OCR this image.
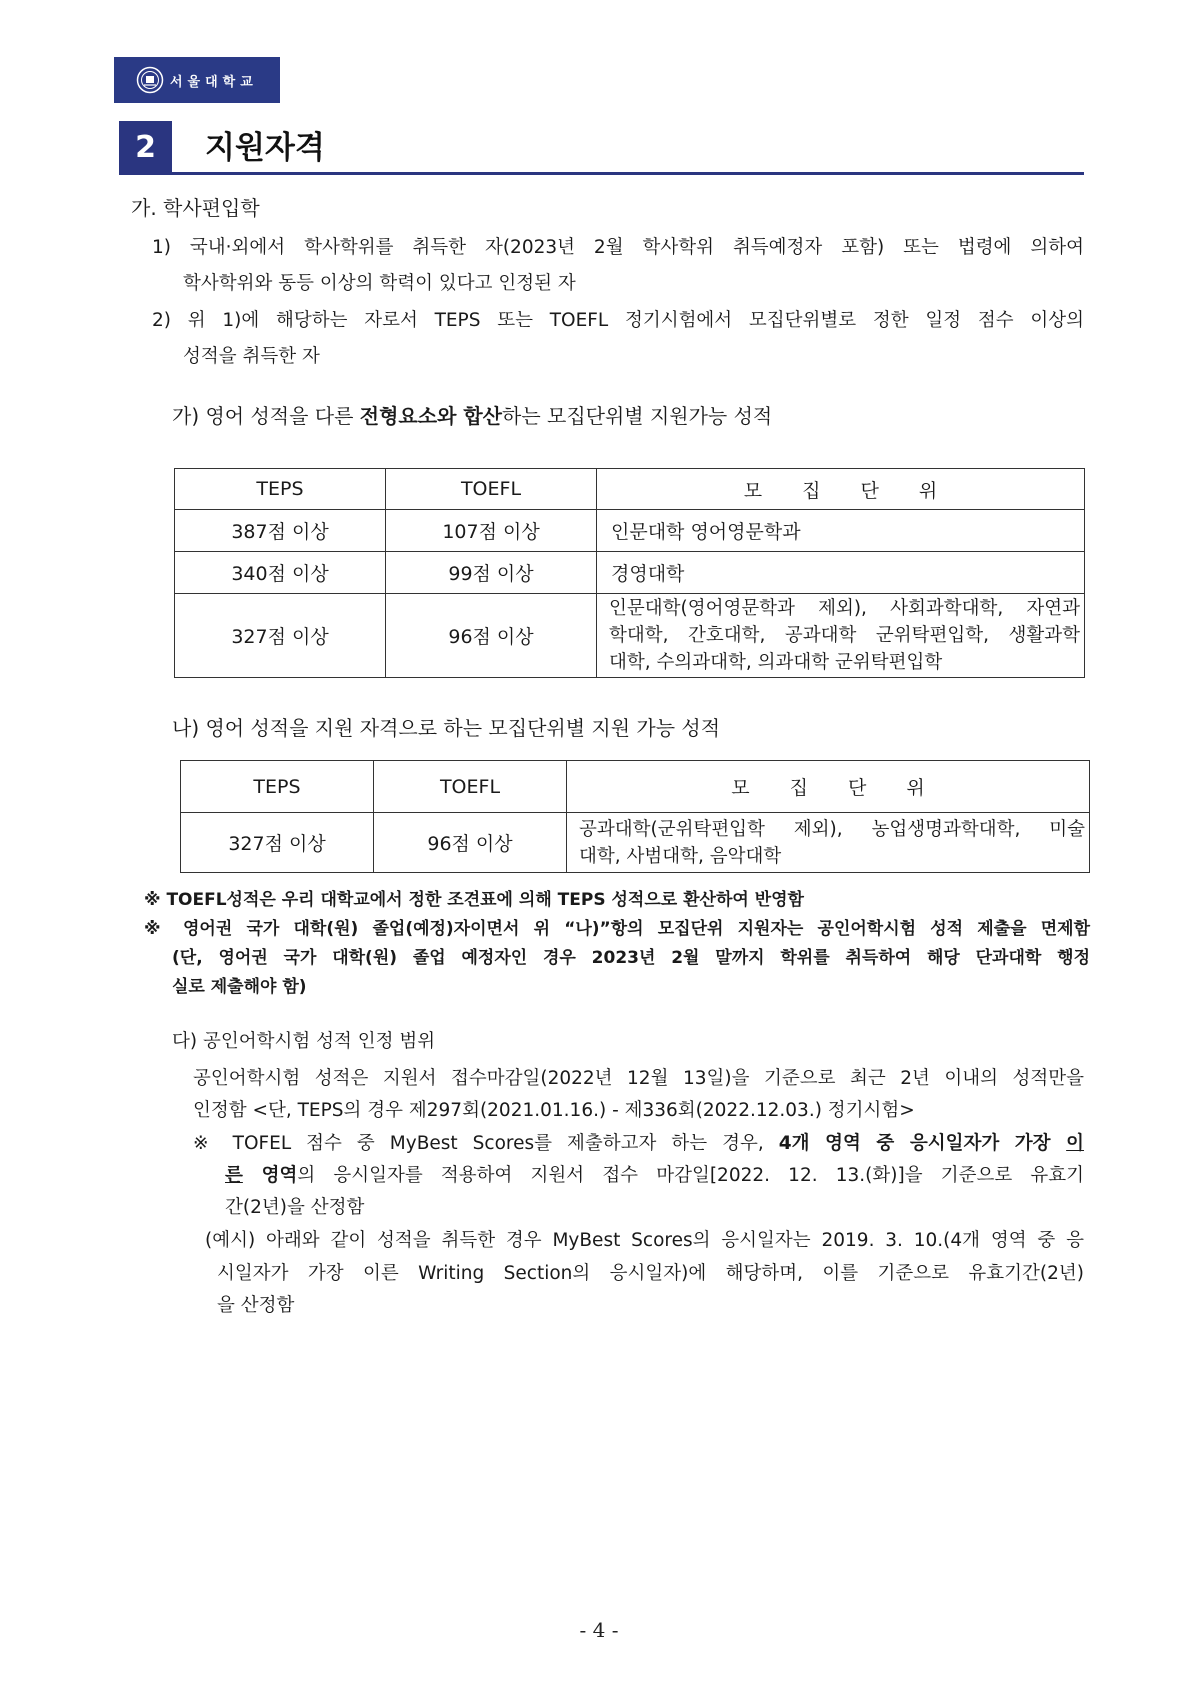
서울대학교
2	지원자격
가. 학사편입학
1) 국내·외에서 학사학위를 취득한 자(2023년 2월 학사학위 취득예정자 포함) 또는 법령에 의하여
학사학위와 동등 이상의 학력이 있다고 인정된 자
2) 위 1)에 해당하는 자로서 TEPS 또는 TOEFL 정기시험에서 모집단위별로 정한 일정 점수 이상의
성적을 취득한 자
가) 영어 성적을 다른 전형요소와 합산하는 모집단위별 지원가능 성적
TEPS	TOEFL	모 집 단 위
387점 이상	107점 이상	인문대학 영어영문학과
340점 이상	99점 이상	경영대학
327점 이상	96점 이상	인문대학(영어영문학과 제외), 사회과학대학, 자연과
학대학, 간호대학, 공과대학 군위탁편입학, 생활과학
대학, 수의과대학, 의과대학 군위탁편입학
나) 영어 성적을 지원 자격으로 하는 모집단위별 지원 가능 성적
TEPS	TOEFL	모 집 단 위
327점 이상	96점 이상	공과대학(군위탁편입학 제외), 농업생명과학대학, 미술
대학, 사범대학, 음악대학
※ TOEFL성적은 우리 대학교에서 정한 조견표에 의해 TEPS 성적으로 환산하여 반영함
※ 영어권 국가 대학(원) 졸업(예정)자이면서 위 “나)”항의 모집단위 지원자는 공인어학시험 성적 제출을 면제함
(단, 영어권 국가 대학(원) 졸업 예정자인 경우 2023년 2월 말까지 학위를 취득하여 해당 단과대학 행정
실로 제출해야 함)
다) 공인어학시험 성적 인정 범위
공인어학시험 성적은 지원서 접수마감일(2022년 12월 13일)을 기준으로 최근 2년 이내의 성적만을
인정함 <단, TEPS의 경우 제297회(2021.01.16.) - 제336회(2022.12.03.) 정기시험>
※ TOFEL 점수 중 MyBest Scores를 제출하고자 하는 경우, 4개 영역 중 응시일자가 가장 이
른 영역의 응시일자를 적용하여 지원서 접수 마감일[2022. 12. 13.(화)]을 기준으로 유효기
간(2년)을 산정함
(예시) 아래와 같이 성적을 취득한 경우 MyBest Scores의 응시일자는 2019. 3. 10.(4개 영역 중 응
시일자가 가장 이른 Writing Section의 응시일자)에 해당하며, 이를 기준으로 유효기간(2년)
을 산정함
- 4 -
